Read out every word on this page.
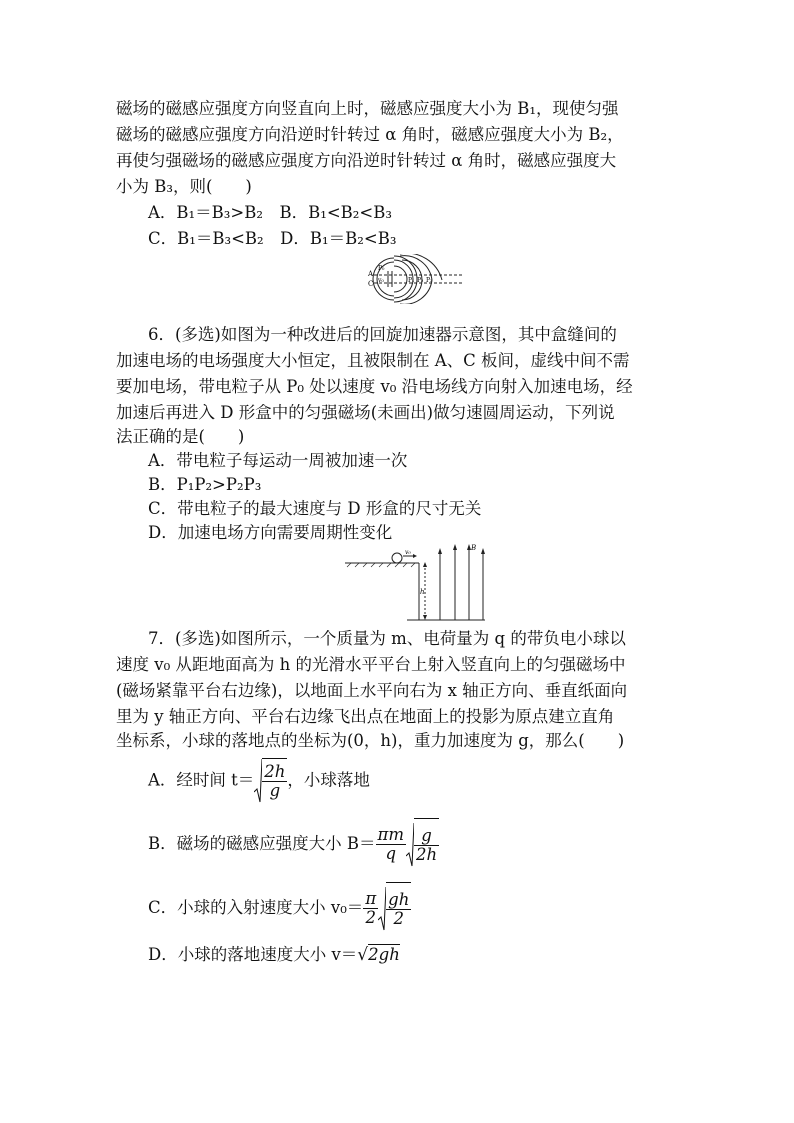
磁场的磁感应强度方向竖直向上时，磁感应强度大小为 B₁，现使匀强
磁场的磁感应强度方向沿逆时针转过 α 角时，磁感应强度大小为 B₂，
再使匀强磁场的磁感应强度方向沿逆时针转过 α 角时，磁感应强度大
小为 B₃，则(　　)
A．B₁＝B₃>B₂　B．B₁<B₂<B₃
C．B₁＝B₃<B₂　D．B₁＝B₂<B₃
A
C
P₀
v₀	P₁ P₂ P₃
6．(多选)如图为一种改进后的回旋加速器示意图，其中盒缝间的
加速电场的电场强度大小恒定，且被限制在 A、C 板间，虚线中间不需
要加电场，带电粒子从 P₀ 处以速度 v₀ 沿电场线方向射入加速电场，经
加速后再进入 D 形盒中的匀强磁场(未画出)做匀速圆周运动，下列说
法正确的是(　　)
A．带电粒子每运动一周被加速一次
B．P₁P₂>P₂P₃
C．带电粒子的最大速度与 D 形盒的尺寸无关
D．加速电场方向需要周期性变化
v₀
B
h
7．(多选)如图所示，一个质量为 m、电荷量为 q 的带负电小球以
速度 v₀ 从距地面高为 h 的光滑水平平台上射入竖直向上的匀强磁场中
(磁场紧靠平台右边缘)，以地面上水平向右为 x 轴正方向、垂直纸面向
里为 y 轴正方向、平台右边缘飞出点在地面上的投影为原点建立直角
坐标系，小球的落地点的坐标为(0，h)，重力加速度为 g，那么(　　)
A．经时间 $t= \frac{2h}{g}$ ，小球落地
B．磁场的磁感应强度大小 $B= \frac{\pi m}{q} \frac{g}{2h}$
C．小球的入射速度大小 $v_0= \frac{\pi}{2} \frac{gh}{2}$
D．小球的落地速度大小 v＝√2gh
